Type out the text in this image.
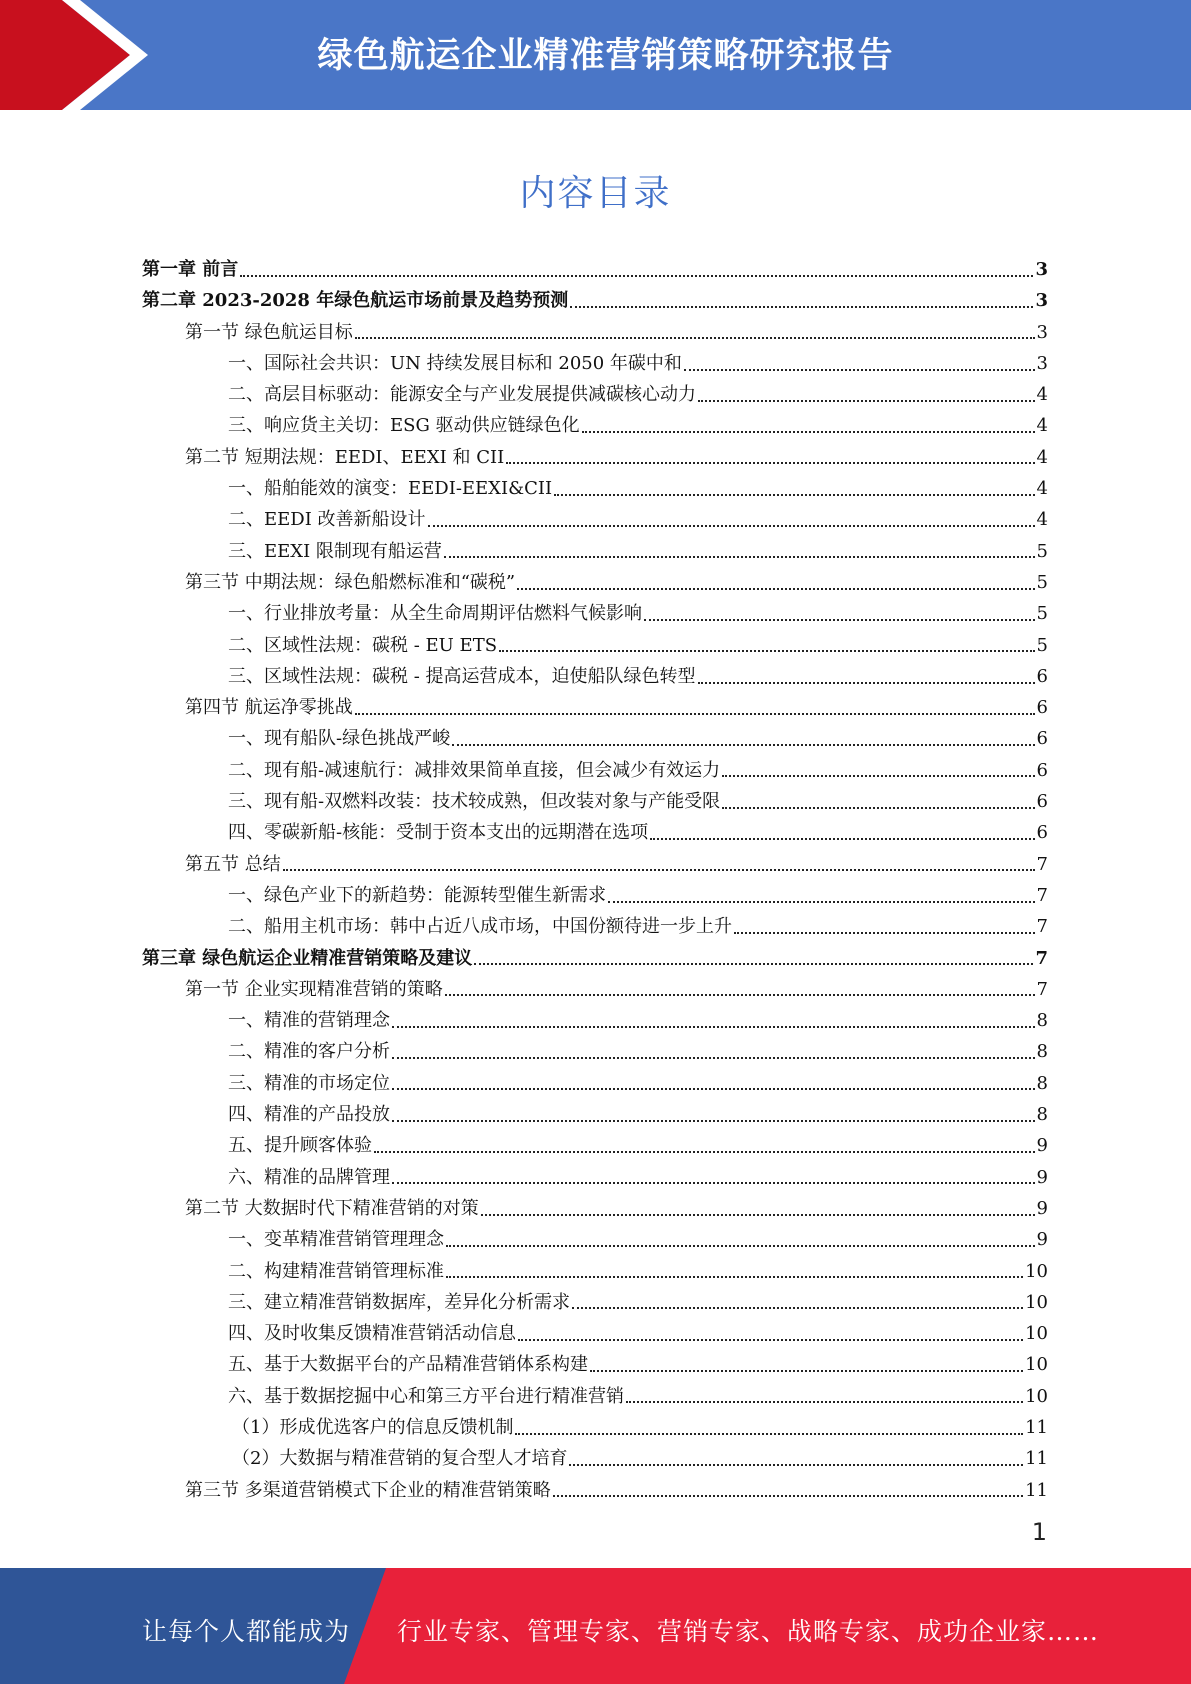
绿色航运企业精准营销策略研究报告
内容目录
第一章 前言	3
第二章 2023-2028 年绿色航运市场前景及趋势预测	3
第一节 绿色航运目标	3
一、国际社会共识：UN 持续发展目标和 2050 年碳中和	3
二、高层目标驱动：能源安全与产业发展提供减碳核心动力	4
三、响应货主关切：ESG 驱动供应链绿色化	4
第二节 短期法规：EEDI、EEXI 和 CII	4
一、船舶能效的演变：EEDI-EEXI&CII	4
二、EEDI 改善新船设计	4
三、EEXI 限制现有船运营	5
第三节 中期法规：绿色船燃标准和“碳税”	5
一、行业排放考量：从全生命周期评估燃料气候影响	5
二、区域性法规：碳税 - EU ETS	5
三、区域性法规：碳税 - 提高运营成本，迫使船队绿色转型	6
第四节 航运净零挑战	6
一、现有船队-绿色挑战严峻	6
二、现有船-减速航行：减排效果简单直接，但会减少有效运力	6
三、现有船-双燃料改装：技术较成熟，但改装对象与产能受限	6
四、零碳新船-核能：受制于资本支出的远期潜在选项	6
第五节 总结	7
一、绿色产业下的新趋势：能源转型催生新需求	7
二、船用主机市场：韩中占近八成市场，中国份额待进一步上升	7
第三章 绿色航运企业精准营销策略及建议	7
第一节 企业实现精准营销的策略	7
一、精准的营销理念	8
二、精准的客户分析	8
三、精准的市场定位	8
四、精准的产品投放	8
五、提升顾客体验	9
六、精准的品牌管理	9
第二节 大数据时代下精准营销的对策	9
一、变革精准营销管理理念	9
二、构建精准营销管理标准	10
三、建立精准营销数据库，差异化分析需求	10
四、及时收集反馈精准营销活动信息	10
五、基于大数据平台的产品精准营销体系构建	10
六、基于数据挖掘中心和第三方平台进行精准营销	10
（1）形成优选客户的信息反馈机制	11
（2）大数据与精准营销的复合型人才培育	11
第三节 多渠道营销模式下企业的精准营销策略	11
1
让每个人都能成为 行业专家、管理专家、营销专家、战略专家、成功企业家……
